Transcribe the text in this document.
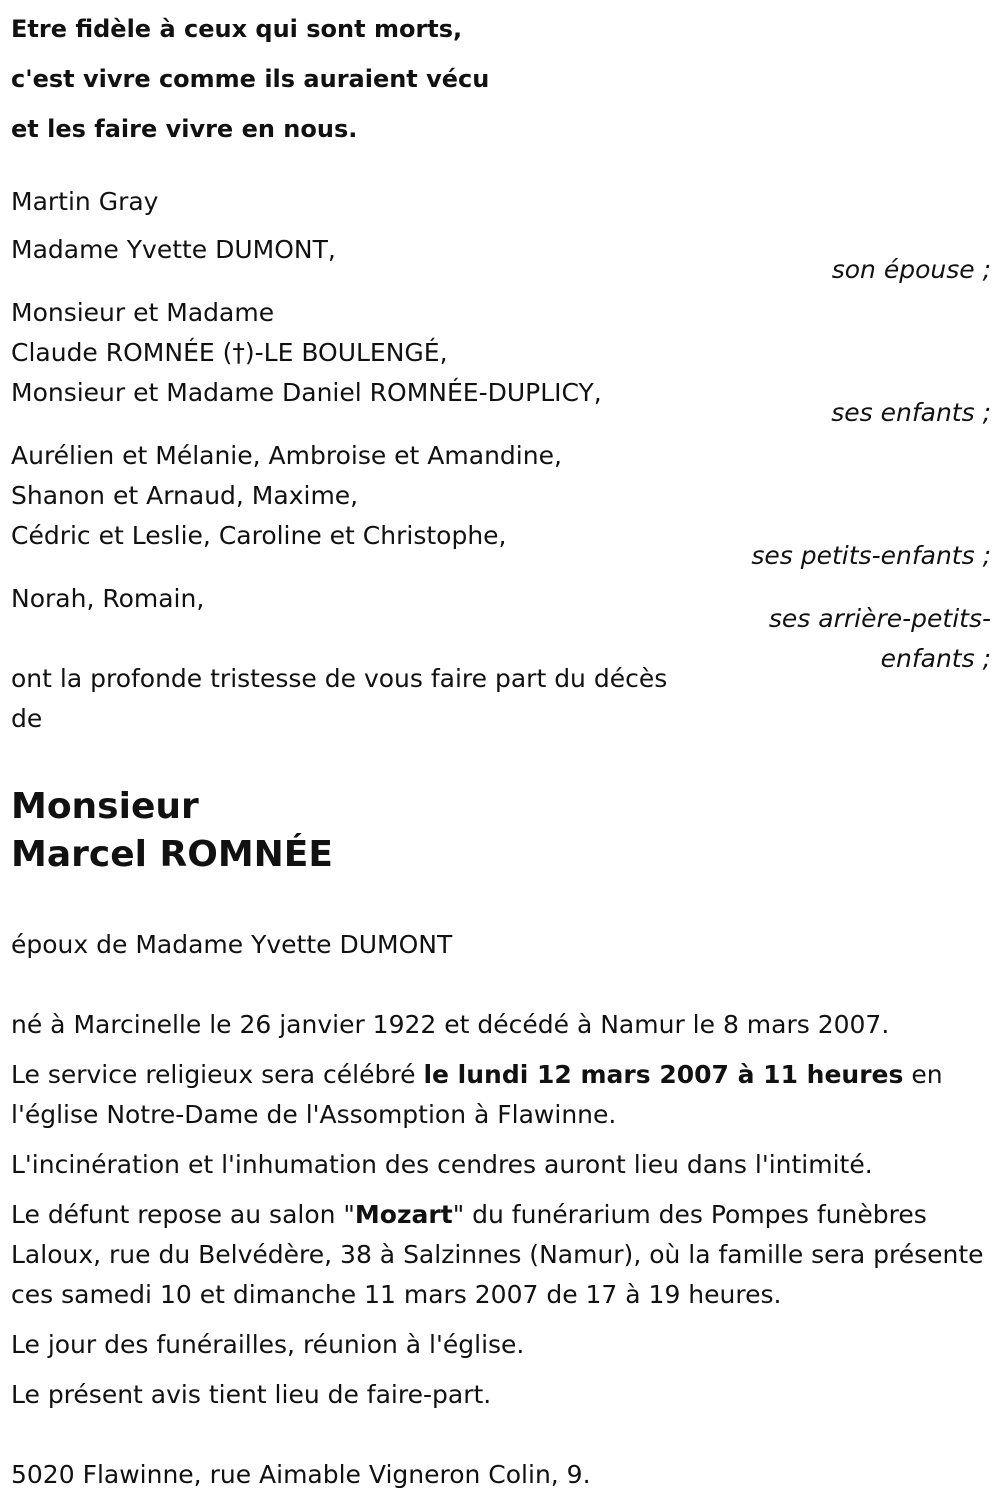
Etre fidèle à ceux qui sont morts,

c'est vivre comme ils auraient vécu

et les faire vivre en nous.

Martin Gray
Madame Yvette DUMONT,
son épouse ;
Monsieur et Madame
Claude ROMNÉE (†)-LE BOULENGÉ,
Monsieur et Madame Daniel ROMNÉE-DUPLICY,
ses enfants ;
Aurélien et Mélanie, Ambroise et Amandine,
Shanon et Arnaud, Maxime,
Cédric et Leslie, Caroline et Christophe,
ses petits-enfants ;
Norah, Romain,
ses arrière-petits-
enfants ;
ont la profonde tristesse de vous faire part du décès
de
Monsieur
Marcel ROMNÉE
époux de Madame Yvette DUMONT
né à Marcinelle le 26 janvier 1922 et décédé à Namur le 8 mars 2007.
Le service religieux sera célébré le lundi 12 mars 2007 à 11 heures en l'église Notre-Dame de l'Assomption à Flawinne.
L'incinération et l'inhumation des cendres auront lieu dans l'intimité.
Le défunt repose au salon "Mozart" du funérarium des Pompes funèbres Laloux, rue du Belvédère, 38 à Salzinnes (Namur), où la famille sera présente ces samedi 10 et dimanche 11 mars 2007 de 17 à 19 heures.
Le jour des funérailles, réunion à l'église.
Le présent avis tient lieu de faire-part.
5020 Flawinne, rue Aimable Vigneron Colin, 9.
